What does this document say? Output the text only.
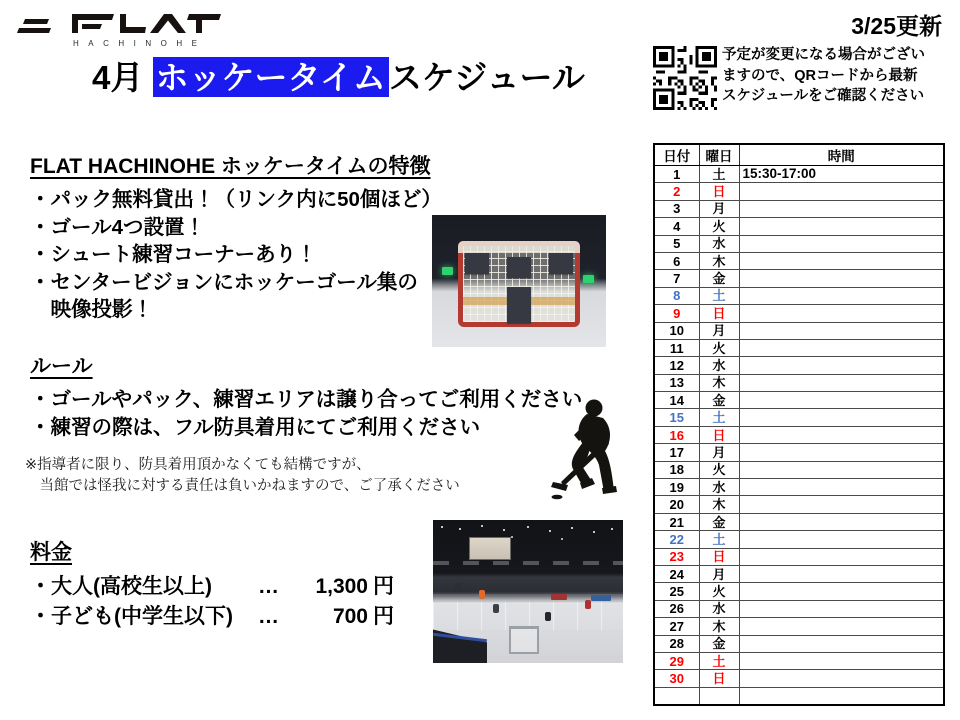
HACHINOHE
3/25更新
4月 ホッケータイムスケジュール
予定が変更になる場合がござい
ますので、QRコードから最新
スケジュールをご確認ください
FLAT HACHINOHE ホッケータイムの特徴
・パック無料貸出！（リンク内に50個ほど）
・ゴール4つ設置！
・シュート練習コーナーあり！
・センタービジョンにホッケーゴール集の
　映像投影！
ルール
・ゴールやパック、練習エリアは譲り合ってご利用ください
・練習の際は、フル防具着用にてご利用ください
※指導者に限り、防具着用頂かなくても結構ですが、
　当館では怪我に対する責任は負いかねますので、ご了承ください
料金
・大人(高校生以上)	…	1,300 円
・子ども(中学生以下)	…	700 円
日付	曜日	時間
1	土	15:30-17:00
2	日	
3	月	
4	火	
5	水	
6	木	
7	金	
8	土	
9	日	
10	月	
11	火	
12	水	
13	木	
14	金	
15	土	
16	日	
17	月	
18	火	
19	水	
20	木	
21	金	
22	土	
23	日	
24	月	
25	火	
26	水	
27	木	
28	金	
29	土	
30	日	
